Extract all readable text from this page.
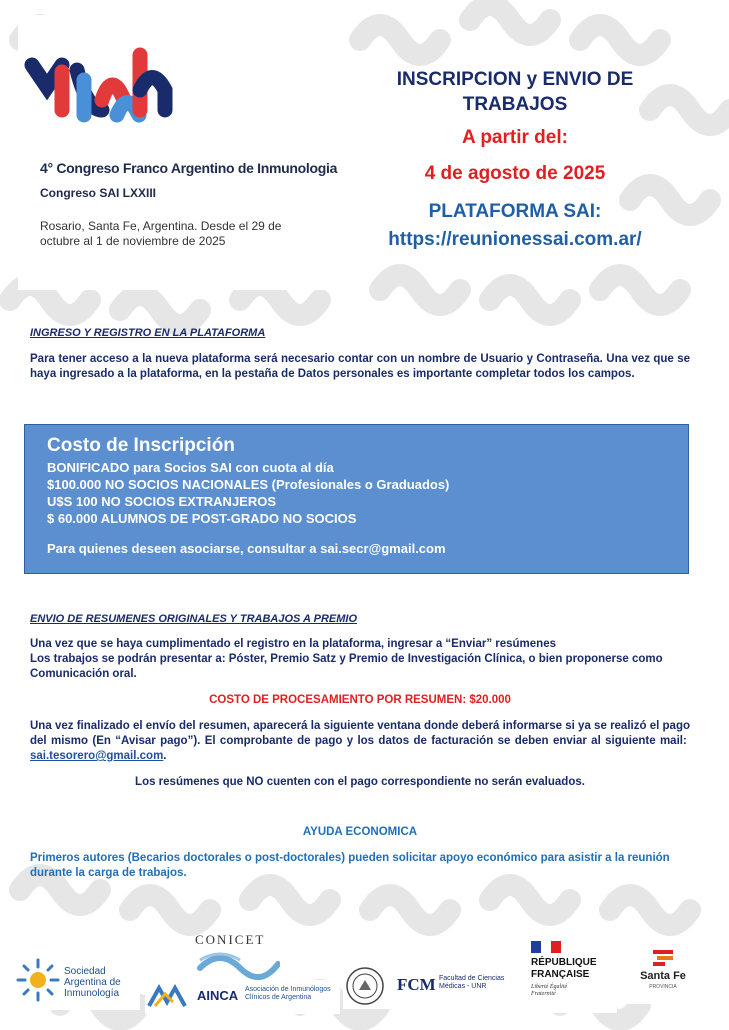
4° Congreso Franco Argentino de Inmunologia
Congreso SAI LXXIII
Rosario, Santa Fe, Argentina. Desde el 29 de octubre al 1 de noviembre de 2025
INSCRIPCION y ENVIO DE TRABAJOS
A partir del:
4 de agosto de 2025
PLATAFORMA SAI:
https://reunionessai.com.ar/
INGRESO Y REGISTRO EN LA PLATAFORMA
Para tener acceso a la nueva plataforma será necesario contar con un nombre de Usuario y Contraseña. Una vez que se haya ingresado a la plataforma, en la pestaña de Datos personales es importante completar todos los campos.
Costo de Inscripción
BONIFICADO para Socios SAI con cuota al día
$100.000 NO SOCIOS NACIONALES (Profesionales o Graduados)
U$S 100 NO SOCIOS EXTRANJEROS
$ 60.000 ALUMNOS DE POST-GRADO NO SOCIOS
Para quienes deseen asociarse, consultar a sai.secr@gmail.com
ENVIO DE RESUMENES ORIGINALES Y TRABAJOS A PREMIO
Una vez que se haya cumplimentado el registro en la plataforma, ingresar a “Enviar” resúmenes
Los trabajos se podrán presentar a: Póster, Premio Satz y Premio de Investigación Clínica, o bien proponerse como Comunicación oral.
COSTO DE PROCESAMIENTO POR RESUMEN: $20.000
Una vez finalizado el envío del resumen, aparecerá la siguiente ventana donde deberá informarse si ya se realizó el pago del mismo (En “Avisar pago”). El comprobante de pago y los datos de facturación se deben enviar al siguiente mail:  sai.tesorero@gmail.com.
Los resúmenes que NO cuenten con el pago correspondiente no serán evaluados.
AYUDA ECONOMICA
Primeros autores (Becarios doctorales o post-doctorales) pueden solicitar apoyo económico para asistir a la reunión durante la carga de trabajos.
Sociedad Argentina de Inmunología
CONICET
AINCA Asociación de Inmunólogos Clínicos de Argentina
FCM Facultad de Ciencias Médicas - UNR
RÉPUBLIQUE FRANÇAISE
Liberté Égalité Fraternité
Santa Fe
PROVINCIA
